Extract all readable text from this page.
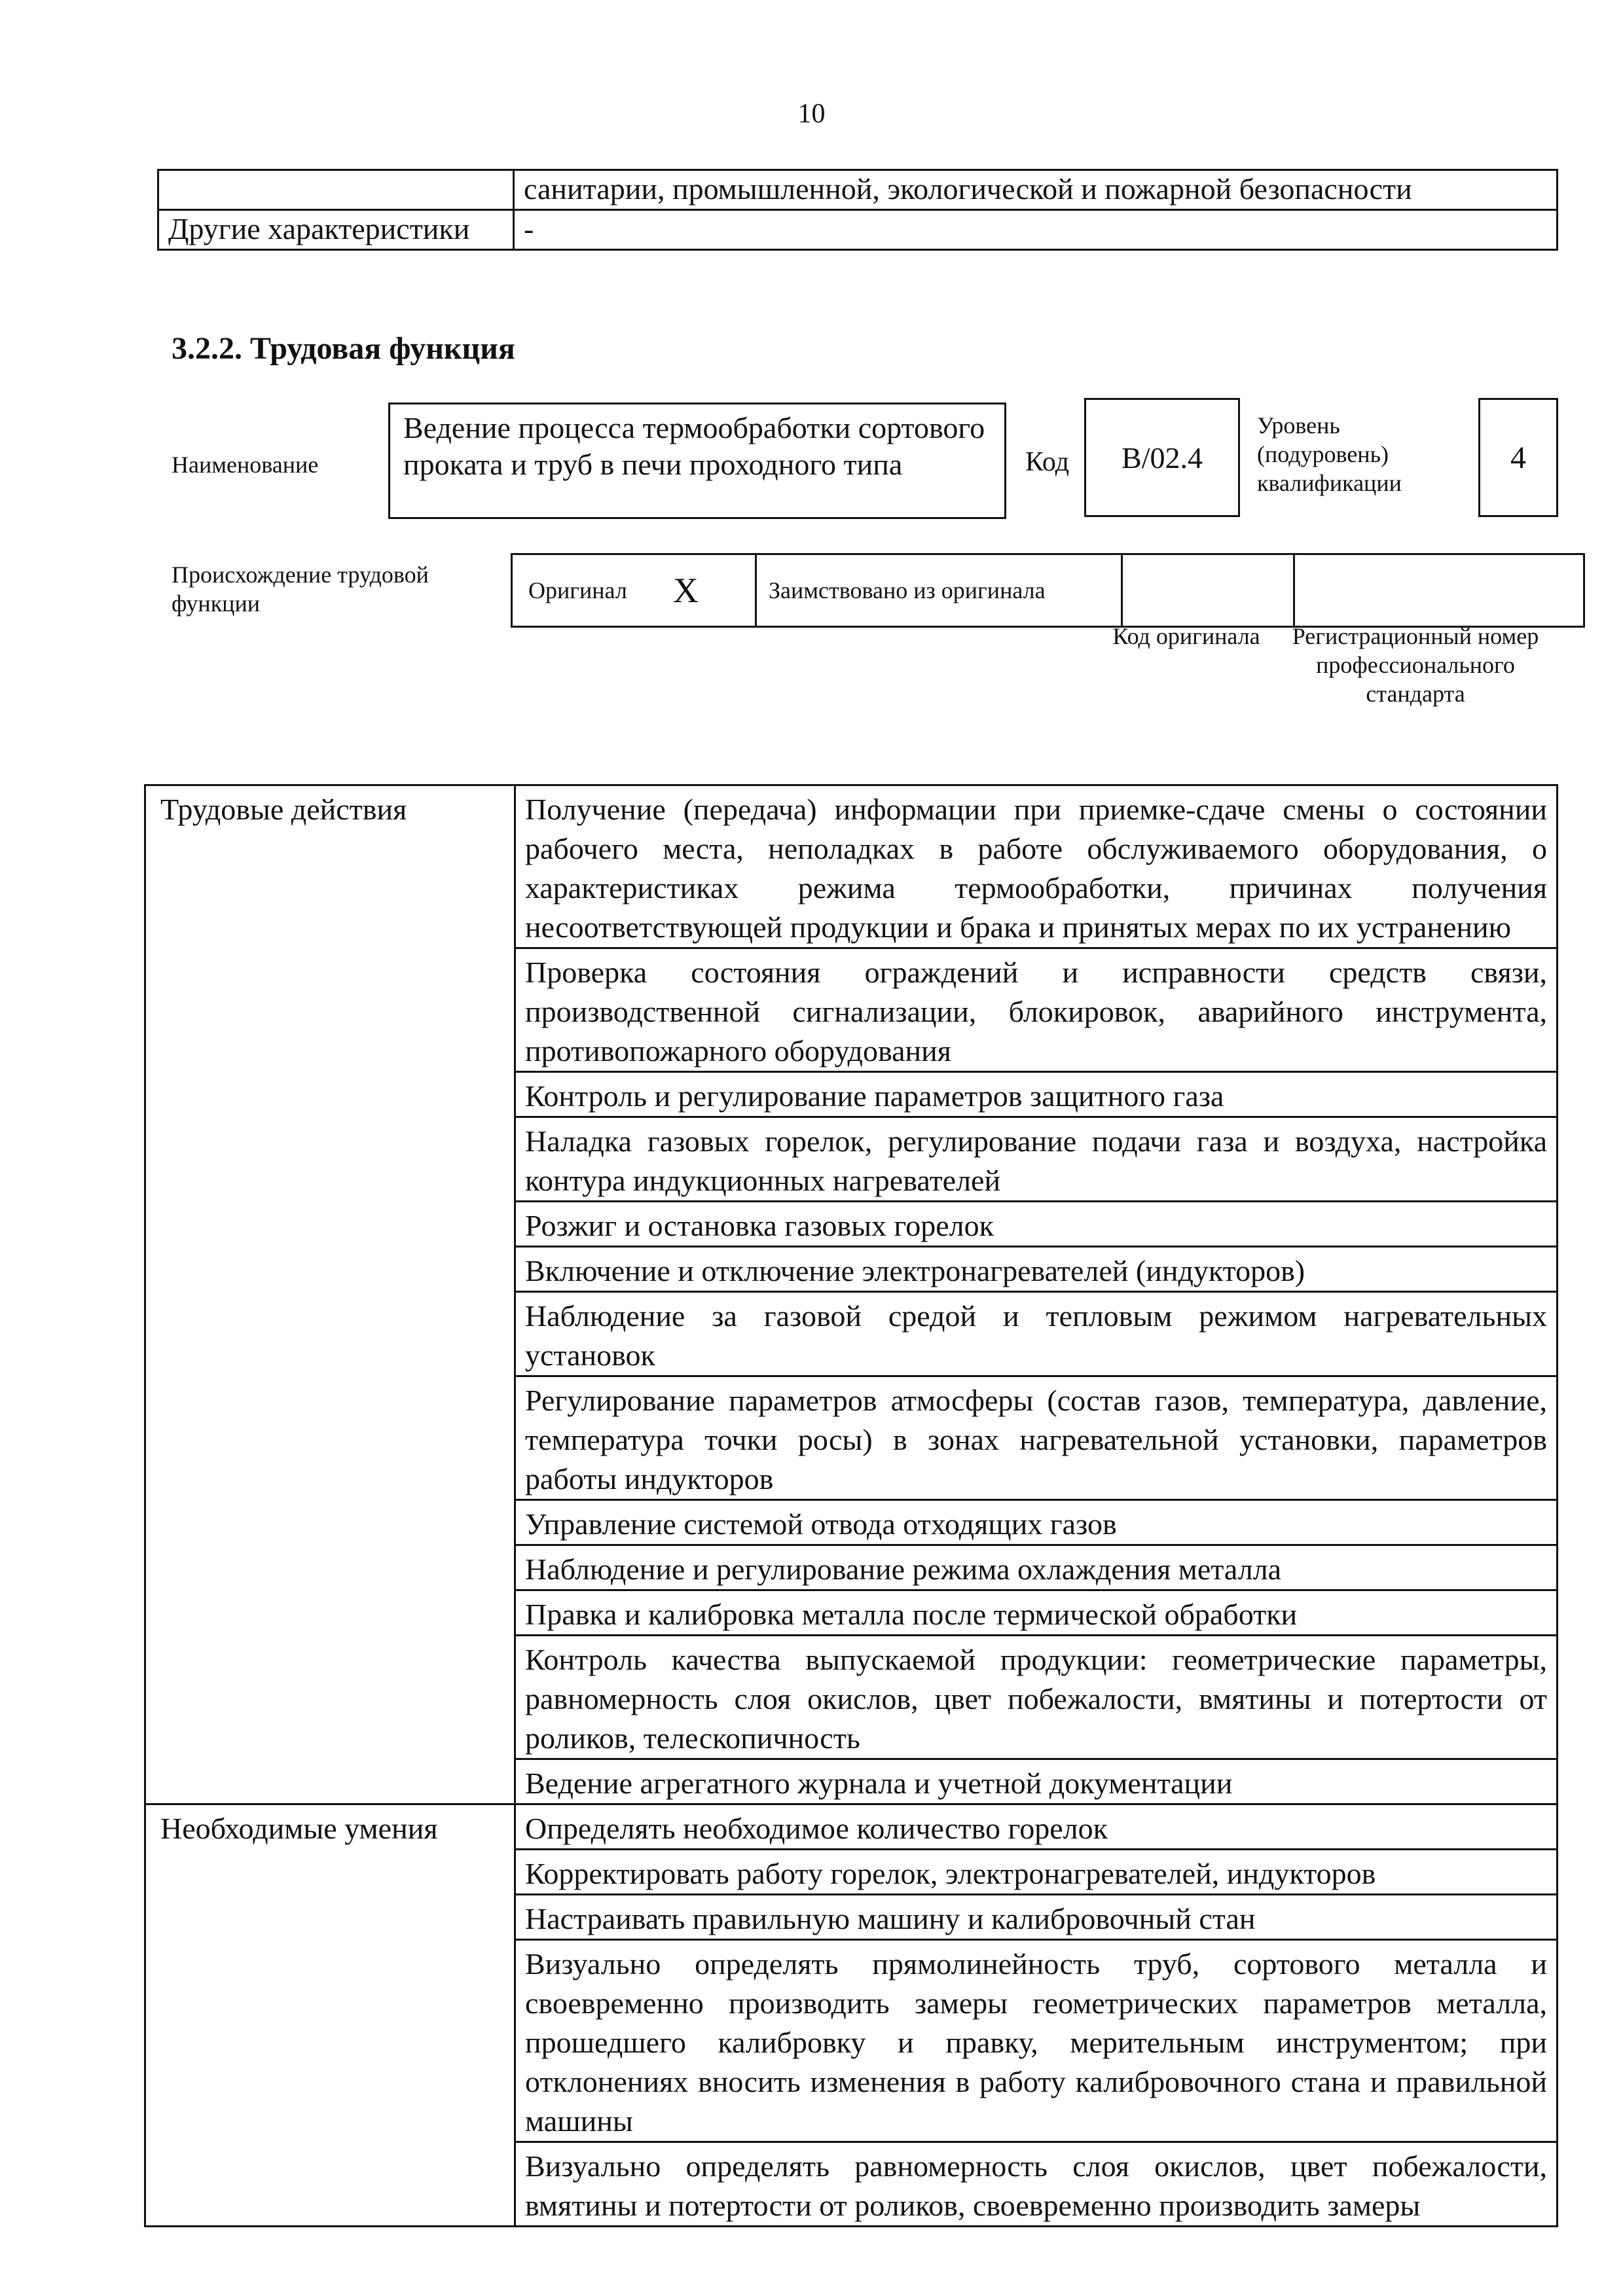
10
	санитарии, промышленной, экологической и пожарной безопасности
Другие характеристики	-
3.2.2. Трудовая функция
Наименование
Ведение процесса термообработки сортового проката и труб в печи проходного типа	Код	B/02.4
Уровень (подуровень) квалификации
4
Происхождение трудовой функции	Оригинал X	Заимствовано из оригинала		
Код оригинала	Регистрационный номер профессионального стандарта
Трудовые действия	Получение (передача) информации при приемке-сдаче смены о состоянии рабочего места, неполадках в работе обслуживаемого оборудования, о характеристиках режима термообработки, причинах получения несоответствующей продукции и брака и принятых мерах по их устранению
	Проверка состояния ограждений и исправности средств связи, производственной сигнализации, блокировок, аварийного инструмента, противопожарного оборудования
	Контроль и регулирование параметров защитного газа
	Наладка газовых горелок, регулирование подачи газа и воздуха, настройка контура индукционных нагревателей
	Розжиг и остановка газовых горелок
	Включение и отключение электронагревателей (индукторов)
	Наблюдение за газовой средой и тепловым режимом нагревательных установок
	Регулирование параметров атмосферы (состав газов, температура, давление, температура точки росы) в зонах нагревательной установки, параметров работы индукторов
	Управление системой отвода отходящих газов
	Наблюдение и регулирование режима охлаждения металла
	Правка и калибровка металла после термической обработки
	Контроль качества выпускаемой продукции: геометрические параметры, равномерность слоя окислов, цвет побежалости, вмятины и потертости от роликов, телескопичность
	Ведение агрегатного журнала и учетной документации
Необходимые умения	Определять необходимое количество горелок
	Корректировать работу горелок, электронагревателей, индукторов
	Настраивать правильную машину и калибровочный стан
	Визуально определять прямолинейность труб, сортового металла и своевременно производить замеры геометрических параметров металла, прошедшего калибровку и правку, мерительным инструментом; при отклонениях вносить изменения в работу калибровочного стана и правильной машины
	Визуально определять равномерность слоя окислов, цвет побежалости, вмятины и потертости от роликов, своевременно производить замеры
